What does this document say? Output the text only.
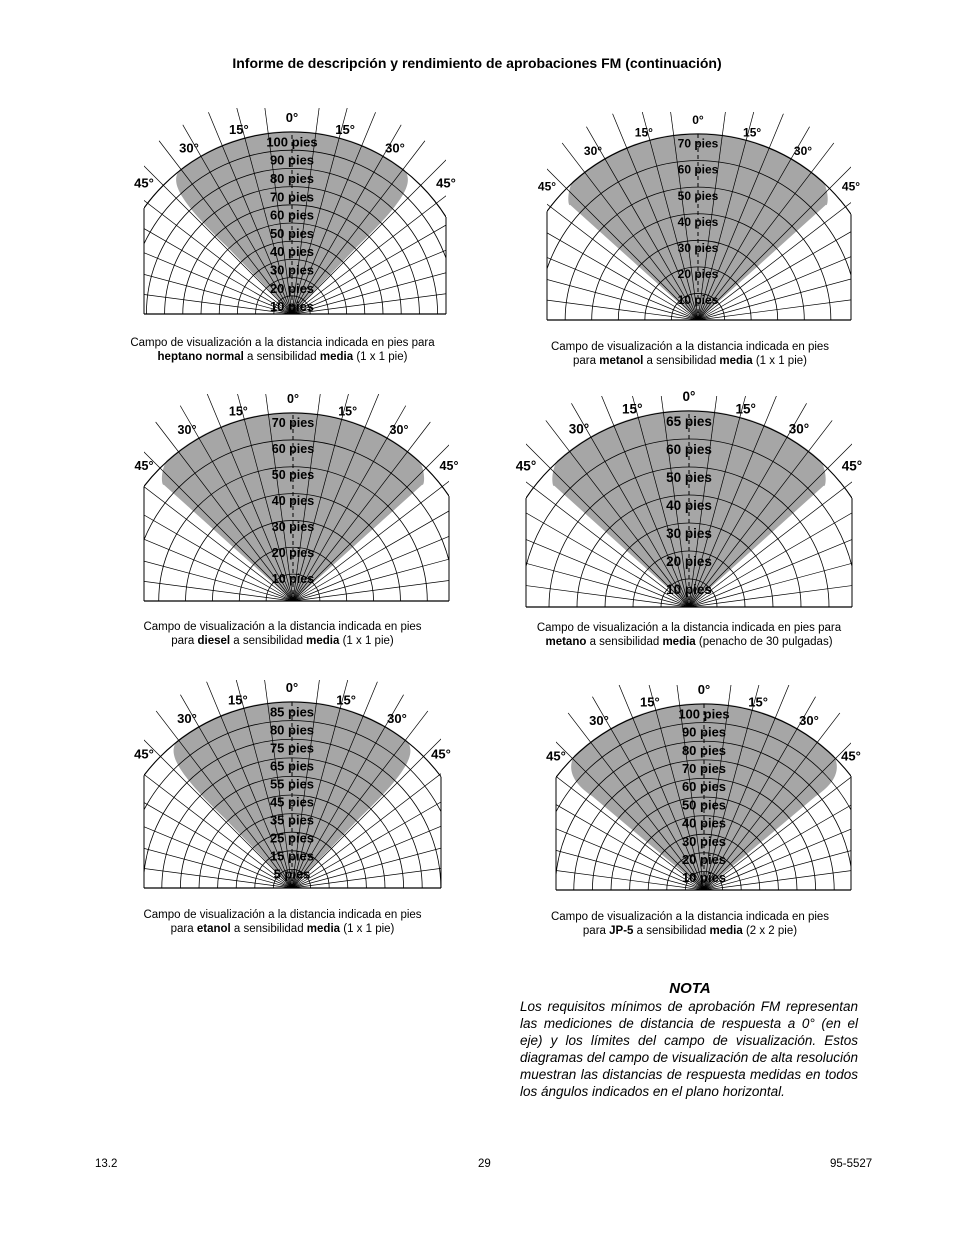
Informe de descripción y rendimiento de aprobaciones FM (continuación)
0°
15°	15°
30°	30°
45°	45°
100 pies
90 pies
80 pies
70 pies
60 pies
50 pies
40 pies
30 pies
20 pies
10 pies
Campo de visualización a la distancia indicada en pies para heptano normal a sensibilidad media (1 x 1 pie)
0°
15°	15°
30°	30°
45°	45°
70 pies
60 pies
50 pies
40 pies
30 pies
20 pies
10 pies
Campo de visualización a la distancia indicada en pies para metanol a sensibilidad media (1 x 1 pie)
0°
15°	15°
30°	30°
45°	45°
70 pies
60 pies
50 pies
40 pies
30 pies
20 pies
10 pies
Campo de visualización a la distancia indicada en pies para diesel a sensibilidad media (1 x 1 pie)
0°
15°	15°
30°	30°
45°	45°
65 pies
60 pies
50 pies
40 pies
30 pies
20 pies
10 pies
Campo de visualización a la distancia indicada en pies para metano a sensibilidad media (penacho de 30 pulgadas)
0°
15°	15°
30°	30°
45°	45°
85 pies
80 pies
75 pies
65 pies
55 pies
45 pies
35 pies
25 pies
15 pies
5 pies
Campo de visualización a la distancia indicada en pies para etanol a sensibilidad media (1 x 1 pie)
0°
15°	15°
30°	30°
45°	45°
100 pies
90 pies
80 pies
70 pies
60 pies
50 pies
40 pies
30 pies
20 pies
10 pies
Campo de visualización a la distancia indicada en pies para JP-5 a sensibilidad media (2 x 2 pie)
NOTA
Los requisitos mínimos de aprobación FM representan las mediciones de distancia de respuesta a 0° (en el eje) y los límites del campo de visualización. Estos diagramas del campo de visualización de alta resolución muestran las distancias de respuesta medidas en todos los ángulos indicados en el plano horizontal.
13.2	29	95-5527
